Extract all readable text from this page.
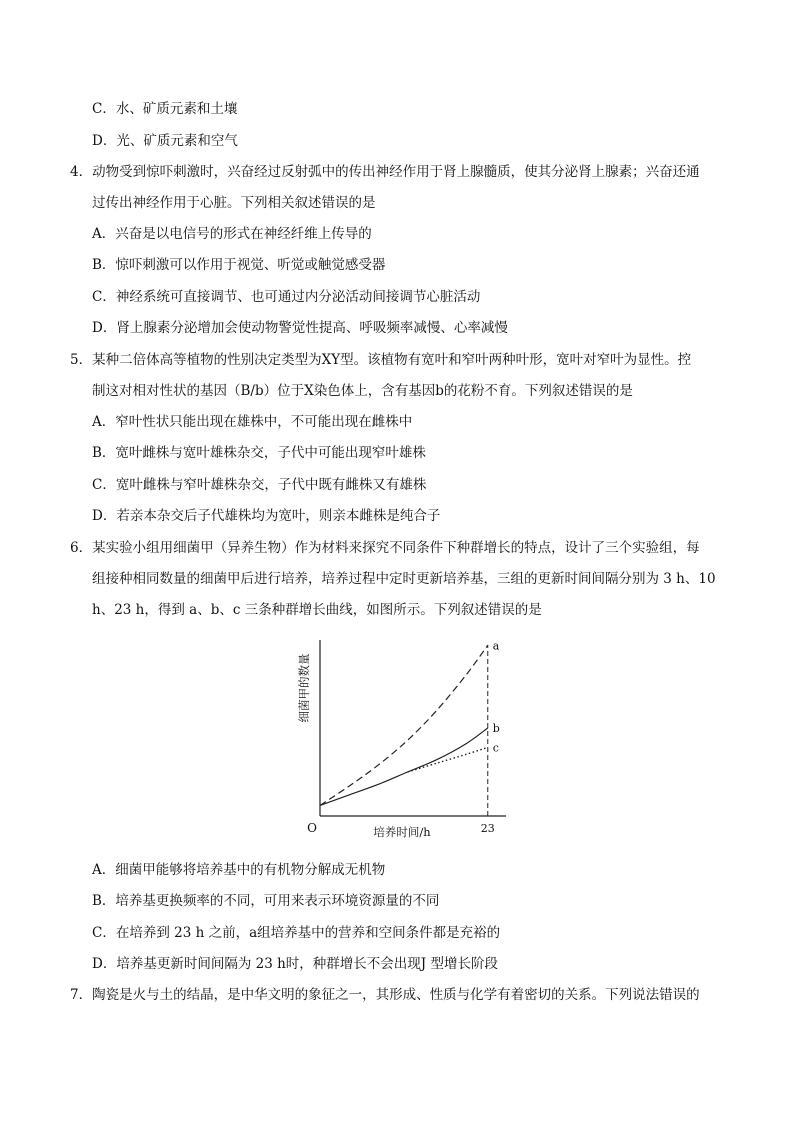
C．水、矿质元素和土壤
D．光、矿质元素和空气
4．动物受到惊吓刺激时，兴奋经过反射弧中的传出神经作用于肾上腺髓质，使其分泌肾上腺素；兴奋还通
过传出神经作用于心脏。下列相关叙述错误的是
A．兴奋是以电信号的形式在神经纤维上传导的
B．惊吓刺激可以作用于视觉、听觉或触觉感受器
C．神经系统可直接调节、也可通过内分泌活动间接调节心脏活动
D．肾上腺素分泌增加会使动物警觉性提高、呼吸频率减慢、心率减慢
5．某种二倍体高等植物的性别决定类型为XY型。该植物有宽叶和窄叶两种叶形，宽叶对窄叶为显性。控
制这对相对性状的基因（B/b）位于X染色体上，含有基因b的花粉不育。下列叙述错误的是
A．窄叶性状只能出现在雄株中，不可能出现在雌株中
B．宽叶雌株与宽叶雄株杂交，子代中可能出现窄叶雄株
C．宽叶雌株与窄叶雄株杂交，子代中既有雌株又有雄株
D．若亲本杂交后子代雄株均为宽叶，则亲本雌株是纯合子
6．某实验小组用细菌甲（异养生物）作为材料来探究不同条件下种群增长的特点，设计了三个实验组，每
组接种相同数量的细菌甲后进行培养，培养过程中定时更新培养基，三组的更新时间间隔分别为 3 h、10
h、23 h，得到 a、b、c 三条种群增长曲线，如图所示。下列叙述错误的是
a
b
c
O	23
培养时间/h
细菌甲的数量
A．细菌甲能够将培养基中的有机物分解成无机物
B．培养基更换频率的不同，可用来表示环境资源量的不同
C．在培养到 23 h 之前，a组培养基中的营养和空间条件都是充裕的
D．培养基更新时间间隔为 23 h时，种群增长不会出现J 型增长阶段
7．陶瓷是火与土的结晶，是中华文明的象征之一，其形成、性质与化学有着密切的关系。下列说法错误的
